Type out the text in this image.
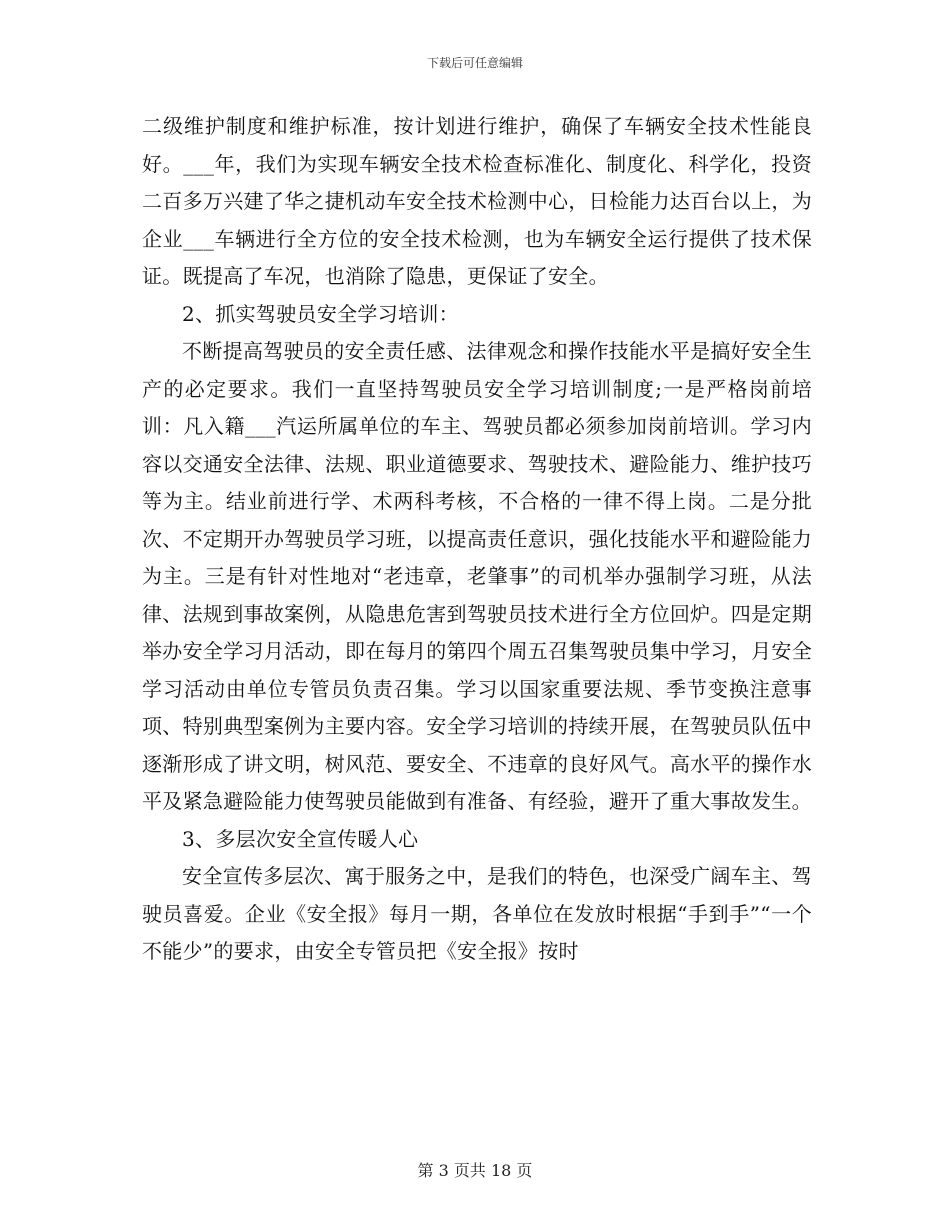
下载后可任意编辑

二级维护制度和维护标准，按计划进行维护，确保了车辆安全技术性能良好。___年，我们为实现车辆安全技术检查标准化、制度化、科学化，投资二百多万兴建了华之捷机动车安全技术检测中心，日检能力达百台以上，为企业___车辆进行全方位的安全技术检测，也为车辆安全运行提供了技术保证。既提高了车况，也消除了隐患，更保证了安全。

2、抓实驾驶员安全学习培训：

不断提高驾驶员的安全责任感、法律观念和操作技能水平是搞好安全生产的必定要求。我们一直坚持驾驶员安全学习培训制度;一是严格岗前培训：凡入籍___汽运所属单位的车主、驾驶员都必须参加岗前培训。学习内容以交通安全法律、法规、职业道德要求、驾驶技术、避险能力、维护技巧等为主。结业前进行学、术两科考核，不合格的一律不得上岗。二是分批次、不定期开办驾驶员学习班，以提高责任意识，强化技能水平和避险能力为主。三是有针对性地对“老违章，老肇事”的司机举办强制学习班，从法律、法规到事故案例，从隐患危害到驾驶员技术进行全方位回炉。四是定期举办安全学习月活动，即在每月的第四个周五召集驾驶员集中学习，月安全学习活动由单位专管员负责召集。学习以国家重要法规、季节变换注意事项、特别典型案例为主要内容。安全学习培训的持续开展，在驾驶员队伍中逐渐形成了讲文明，树风范、要安全、不违章的良好风气。高水平的操作水平及紧急避险能力使驾驶员能做到有准备、有经验，避开了重大事故发生。

3、多层次安全宣传暖人心

安全宣传多层次、寓于服务之中，是我们的特色，也深受广阔车主、驾驶员喜爱。企业《安全报》每月一期，各单位在发放时根据“手到手”“一个不能少”的要求，由安全专管员把《安全报》按时

第 3 页共 18 页
